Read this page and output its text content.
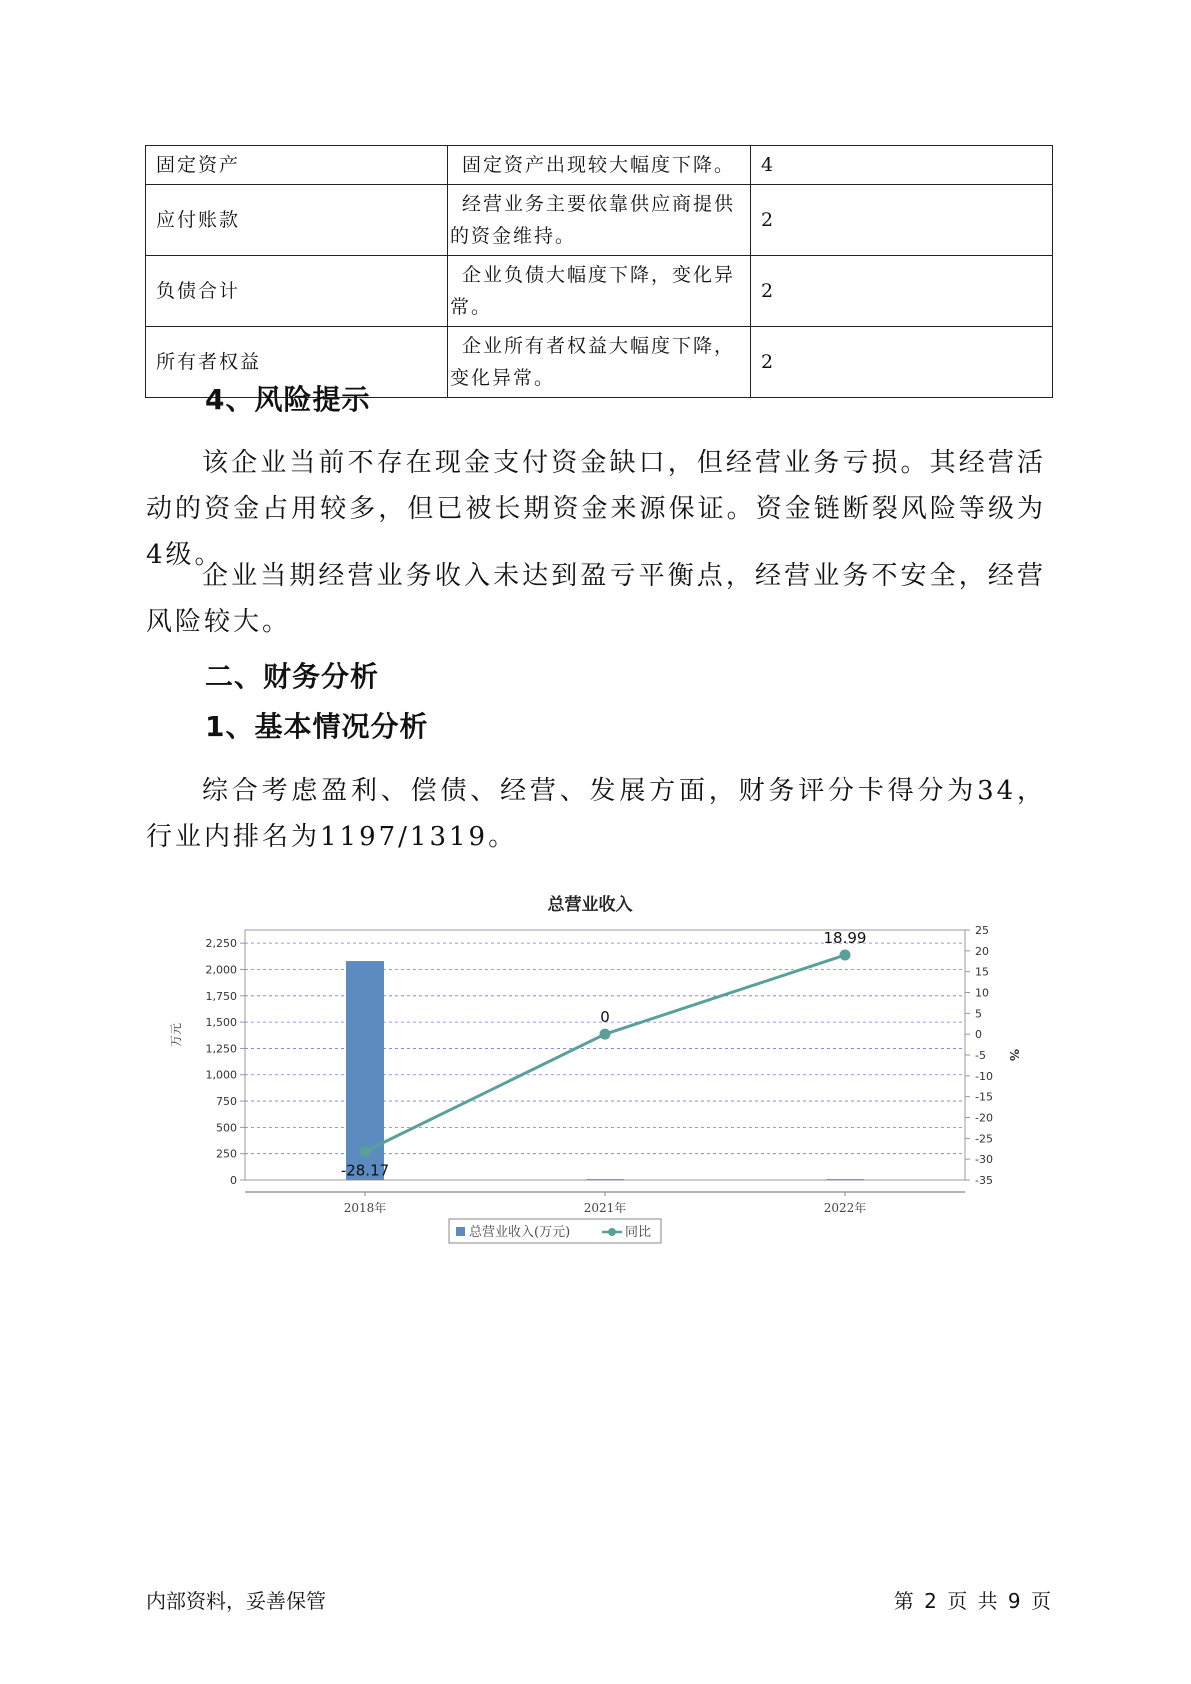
固定资产	固定资产出现较大幅度下降。	4
应付账款	经营业务主要依靠供应商提供的资金维持。	2
负债合计	企业负债大幅度下降，变化异常。	2
所有者权益	企业所有者权益大幅度下降，变化异常。	2
4、风险提示
该企业当前不存在现金支付资金缺口，但经营业务亏损。其经营活动的资金占用较多，但已被长期资金来源保证。资金链断裂风险等级为4级。
企业当期经营业务收入未达到盈亏平衡点，经营业务不安全，经营风险较大。
二、财务分析
1、基本情况分析
综合考虑盈利、偿债、经营、发展方面，财务评分卡得分为34，行业内排名为1197/1319。
总营业收入
0
250
500
750
1,000
1,250
1,500
1,750
2,000
2,250
25
20
15
10
5
0
-5
-10
-15
-20
-25
-30
-35
万元
%
2018年	2021年	2022年
-28.17
0
18.99
总营业收入(万元)	同比
内部资料，妥善保管	第 2 页 共 9 页
